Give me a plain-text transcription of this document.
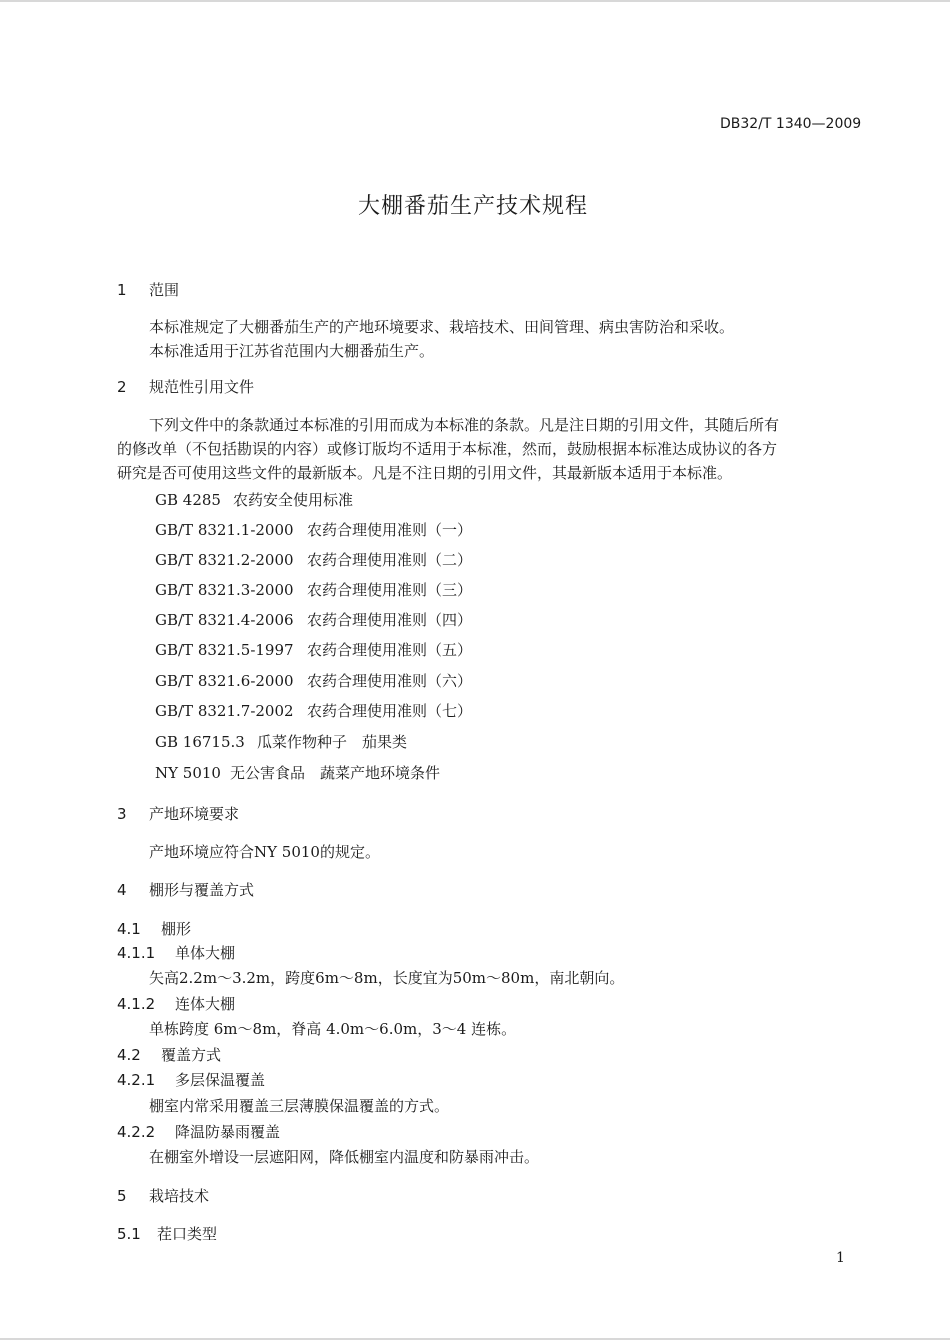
DB32/T 1340—2009
大棚番茄生产技术规程
1 范围
本标准规定了大棚番茄生产的产地环境要求、栽培技术、田间管理、病虫害防治和采收。
本标准适用于江苏省范围内大棚番茄生产。
2 规范性引用文件
下列文件中的条款通过本标准的引用而成为本标准的条款。凡是注日期的引用文件，其随后所有
的修改单（不包括勘误的内容）或修订版均不适用于本标准，然而，鼓励根据本标准达成协议的各方
研究是否可使用这些文件的最新版本。凡是不注日期的引用文件，其最新版本适用于本标准。
GB 4285 农药安全使用标准
GB/T 8321.1-2000 农药合理使用准则（一）
GB/T 8321.2-2000 农药合理使用准则（二）
GB/T 8321.3-2000 农药合理使用准则（三）
GB/T 8321.4-2006 农药合理使用准则（四）
GB/T 8321.5-1997 农药合理使用准则（五）
GB/T 8321.6-2000 农药合理使用准则（六）
GB/T 8321.7-2002 农药合理使用准则（七）
GB 16715.3 瓜菜作物种子　茄果类
NY 5010 无公害食品　蔬菜产地环境条件
3 产地环境要求
产地环境应符合NY 5010的规定。
4 棚形与覆盖方式
4.1 棚形
4.1.1 单体大棚
矢高2.2m～3.2m，跨度6m～8m，长度宜为50m～80m，南北朝向。
4.1.2 连体大棚
单栋跨度 6m～8m，脊高 4.0m～6.0m，3～4 连栋。
4.2 覆盖方式
4.2.1 多层保温覆盖
棚室内常采用覆盖三层薄膜保温覆盖的方式。
4.2.2 降温防暴雨覆盖
在棚室外增设一层遮阳网，降低棚室内温度和防暴雨冲击。
5 栽培技术
5.1 茬口类型
1
